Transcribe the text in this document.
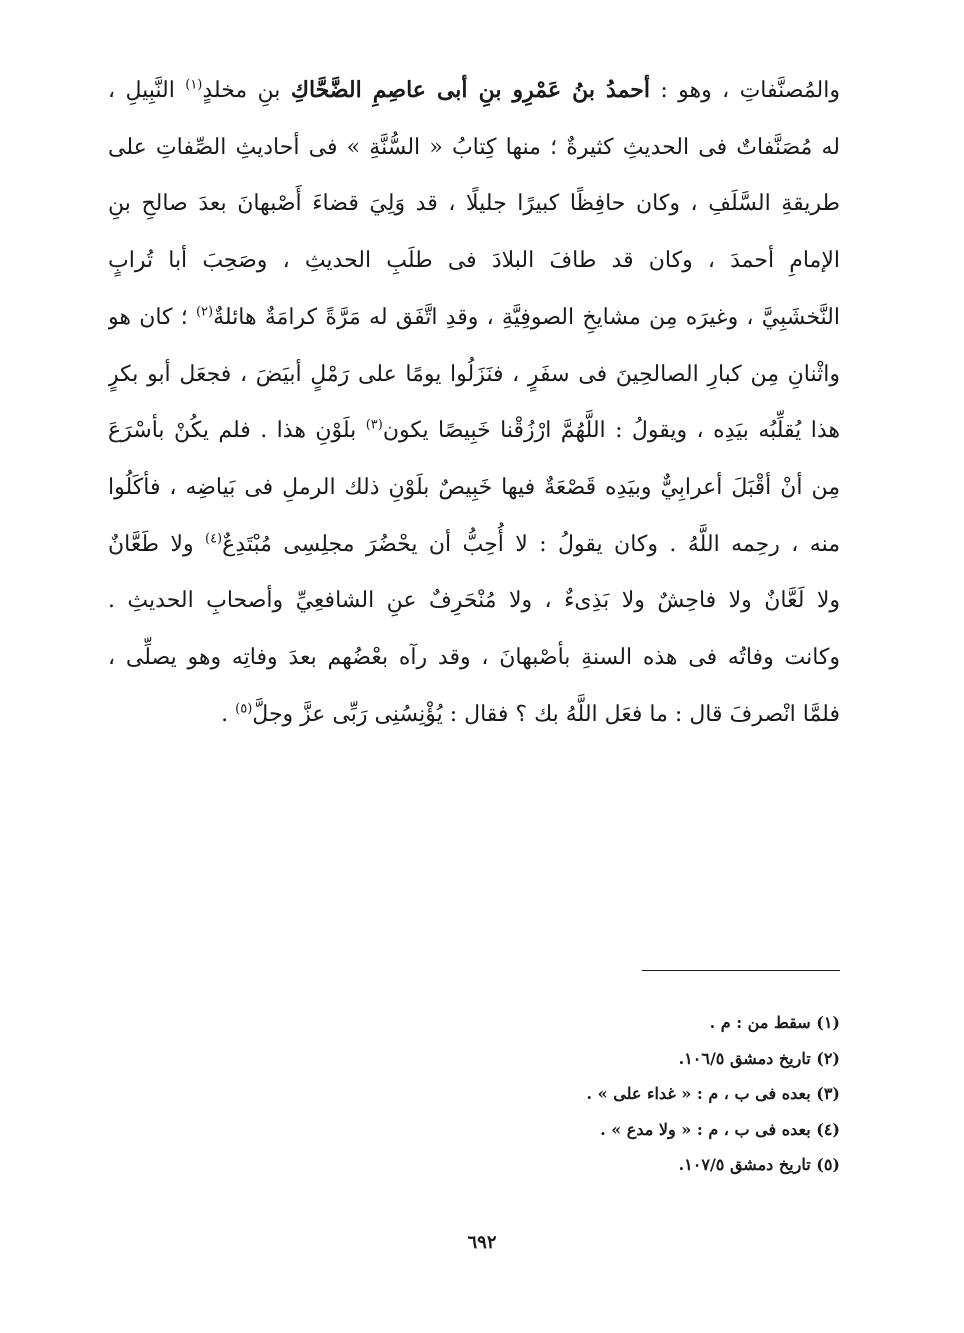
والمُصنَّفاتِ ، وهو : أحمدُ بنُ عَمْرِو بنِ أبى عاصِمِ الضَّحَّاكِ بنِ مخلدٍ$^{(١)}$ النَّبِيلِ ،
له مُصَنَّفاتٌ فى الحديثِ كثيرةٌ ؛ منها كِتابُ « السُّنَّةِ » فى أحاديثِ الصِّفاتِ على
طريقةِ السَّلَفِ ، وكان حافِظًا كبيرًا جليلًا ، قد وَلِيَ قضاءَ أَصْبهانَ بعدَ صالحِ بنِ
الإمامِ أحمدَ ، وكان قد طافَ البلادَ فى طلَبِ الحديثِ ، وصَحِبَ أبا تُرابٍ
النَّخشَبِيَّ ، وغيرَه مِن مشايخِ الصوفِيَّةِ ، وقدِ اتَّفَق له مَرَّةً كرامَةٌ هائلةٌ$^{(٢)}$ ؛ كان هو
واثْنانِ مِن كبارِ الصالحِينَ فى سفَرٍ ، فنَزَلُوا يومًا على رَمْلٍ أبيَضَ ، فجعَل أبو بكرٍ
هذا يُقلِّبُه بيَدِه ، ويقولُ : اللَّهُمَّ ارْزُقْنا خَبِيصًا يكون$^{(٣)}$ بلَوْنِ هذا . فلم يكُنْ بأسْرَعَ
مِن أنْ أقْبَلَ أعرابِيٌّ وبيَدِه قَصْعَةٌ فيها خَبِيصٌ بلَوْنِ ذلك الرملِ فى بَياضِه ، فأكَلُوا
منه ، رحِمه اللَّهُ . وكان يقولُ : لا أُحِبُّ أن يحْضُرَ مجلِسِى مُبْتَدِعٌ$^{(٤)}$ ولا طَعَّانٌ
ولا لَعَّانٌ ولا فاحِشٌ ولا بَذِىءٌ ، ولا مُنْحَرِفٌ عنِ الشافعِيِّ وأصحابِ الحديثِ .
وكانت وفاتُه فى هذه السنةِ بأصْبهانَ ، وقد رآه بعْضُهم بعدَ وفاتِه وهو يصلِّى ،
فلمَّا انْصرفَ قال : ما فعَل اللَّهُ بك ؟ فقال : يُؤْنِسُنِى رَبِّى عزَّ وجلَّ$^{(٥)}$ .
(١) سقط من : م .
(٢) تاريخ دمشق ١٠٦/٥.
(٣) بعده فى ب ، م : « غداء على » .
(٤) بعده فى ب ، م : « ولا مدع » .
(٥) تاريخ دمشق ١٠٧/٥.
٦٩٢
